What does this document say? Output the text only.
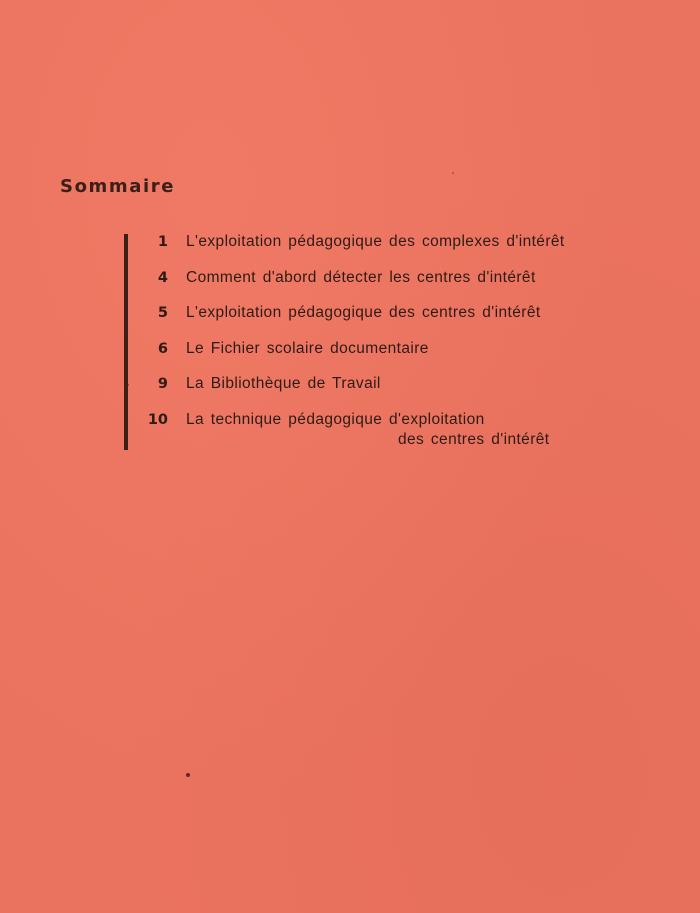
Sommaire
1 L'exploitation pédagogique des complexes d'intérêt
4 Comment d'abord détecter les centres d'intérêt
5 L'exploitation pédagogique des centres d'intérêt
6 Le Fichier scolaire documentaire
9 La Bibliothèque de Travail
10 La technique pédagogique d'exploitation
des centres d'intérêt
